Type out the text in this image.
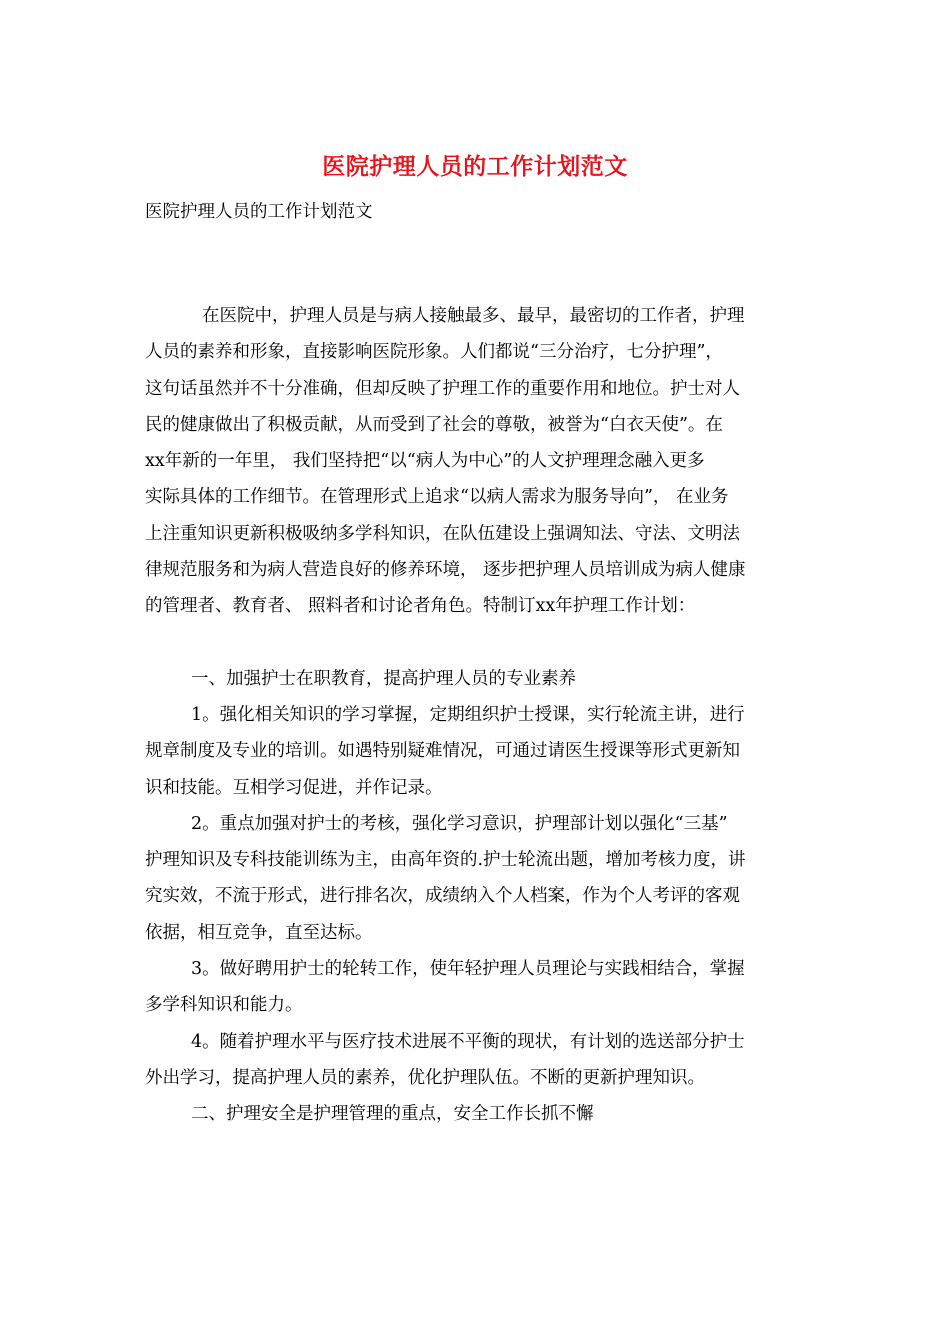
医院护理人员的工作计划范文
医院护理人员的工作计划范文

在医院中，护理人员是与病人接触最多、最早，最密切的工作者，护理
人员的素养和形象，直接影响医院形象。人们都说“三分治疗，七分护理”，
这句话虽然并不十分准确，但却反映了护理工作的重要作用和地位。护士对人
民的健康做出了积极贡献，从而受到了社会的尊敬，被誉为“白衣天使”。在
xx年新的一年里， 我们坚持把“以“病人为中心”的人文护理理念融入更多
实际具体的工作细节。在管理形式上追求“以病人需求为服务导向”， 在业务
上注重知识更新积极吸纳多学科知识，在队伍建设上强调知法、守法、文明法
律规范服务和为病人营造良好的修养环境， 逐步把护理人员培训成为病人健康
的管理者、教育者、 照料者和讨论者角色。特制订xx年护理工作计划：

一、加强护士在职教育，提高护理人员的专业素养

1。强化相关知识的学习掌握，定期组织护士授课，实行轮流主讲，进行
规章制度及专业的培训。如遇特别疑难情况，可通过请医生授课等形式更新知
识和技能。互相学习促进，并作记录。

2。重点加强对护士的考核，强化学习意识，护理部计划以强化“三基”
护理知识及专科技能训练为主，由高年资的.护士轮流出题，增加考核力度，讲
究实效，不流于形式，进行排名次，成绩纳入个人档案，作为个人考评的客观
依据，相互竞争，直至达标。

3。做好聘用护士的轮转工作，使年轻护理人员理论与实践相结合，掌握
多学科知识和能力。

4。随着护理水平与医疗技术进展不平衡的现状，有计划的选送部分护士
外出学习，提高护理人员的素养，优化护理队伍。不断的更新护理知识。

二、护理安全是护理管理的重点，安全工作长抓不懈
